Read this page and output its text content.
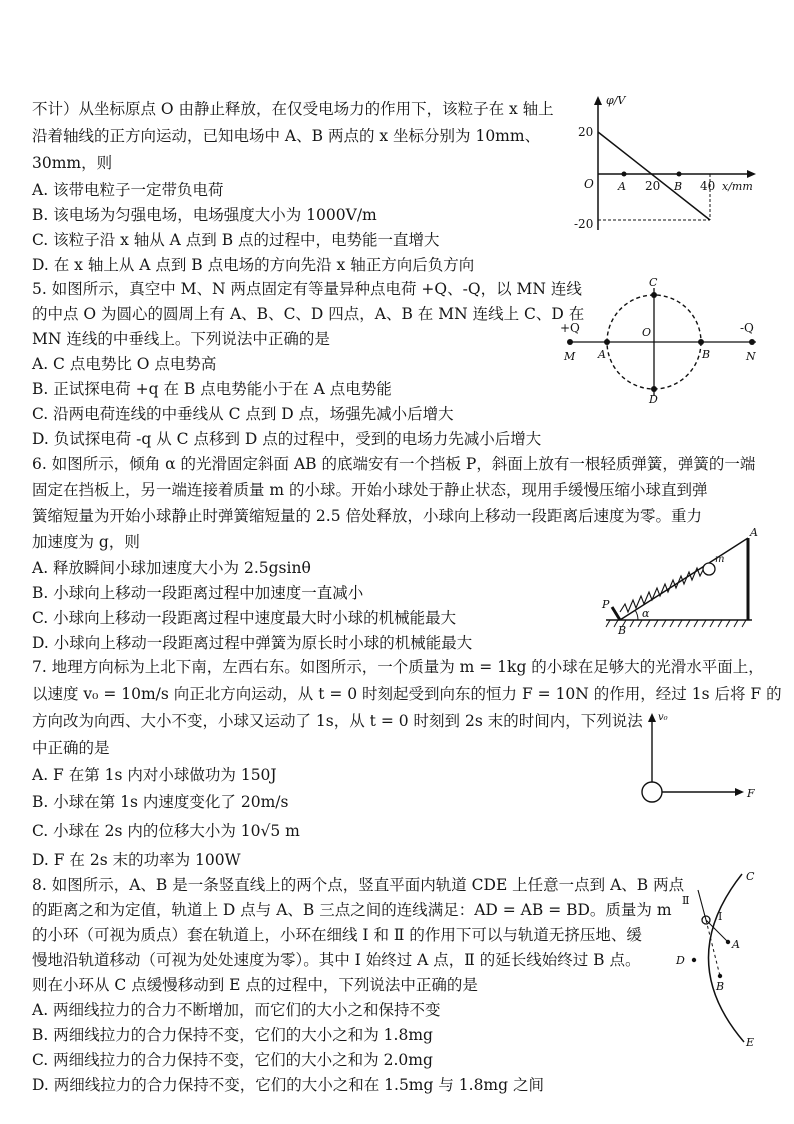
不计）从坐标原点 O 由静止释放，在仅受电场力的作用下，该粒子在 x 轴上
沿着轴线的正方向运动，已知电场中 A、B 两点的 x 坐标分别为 10mm、
30mm，则
A. 该带电粒子一定带负电荷
B. 该电场为匀强电场，电场强度大小为 1000V/m
C. 该粒子沿 x 轴从 A 点到 B 点的过程中，电势能一直增大
D. 在 x 轴上从 A 点到 B 点电场的方向先沿 x 轴正方向后负方向
φ/V
x/mm
O
20
-20
20	40
A	B
5. 如图所示，真空中 M、N 两点固定有等量异种点电荷 +Q、-Q，以 MN 连线
的中点 O 为圆心的圆周上有 A、B、C、D 四点，A、B 在 MN 连线上 C、D 在
MN 连线的中垂线上。下列说法中正确的是
A. C 点电势比 O 点电势高
B. 正试探电荷 +q 在 B 点电势能小于在 A 点电势能
C. 沿两电荷连线的中垂线从 C 点到 D 点，场强先减小后增大
D. 负试探电荷 -q 从 C 点移到 D 点的过程中，受到的电场力先减小后增大
+Q	-Q
M	N
A	B
C
D
O
6. 如图所示，倾角 α 的光滑固定斜面 AB 的底端安有一个挡板 P，斜面上放有一根轻质弹簧，弹簧的一端
固定在挡板上，另一端连接着质量 m 的小球。开始小球处于静止状态，现用手缓慢压缩小球直到弹
簧缩短量为开始小球静止时弹簧缩短量的 2.5 倍处释放，小球向上移动一段距离后速度为零。重力
加速度为 g，则
A. 释放瞬间小球加速度大小为 2.5gsinθ
B. 小球向上移动一段距离过程中加速度一直减小
C. 小球向上移动一段距离过程中速度最大时小球的机械能最大
D. 小球向上移动一段距离过程中弹簧为原长时小球的机械能最大
α
A
B
P
m
7. 地理方向标为上北下南，左西右东。如图所示，一个质量为 m = 1kg 的小球在足够大的光滑水平面上，
以速度 v₀ = 10m/s 向正北方向运动，从 t = 0 时刻起受到向东的恒力 F = 10N 的作用，经过 1s 后将 F 的
方向改为向西、大小不变，小球又运动了 1s，从 t = 0 时刻到 2s 末的时间内，下列说法
中正确的是
A. F 在第 1s 内对小球做功为 150J
B. 小球在第 1s 内速度变化了 20m/s
C. 小球在 2s 内的位移大小为 10√5 m
D. F 在 2s 末的功率为 100W
v₀
F
8. 如图所示，A、B 是一条竖直线上的两个点，竖直平面内轨道 CDE 上任意一点到 A、B 两点
的距离之和为定值，轨道上 D 点与 A、B 三点之间的连线满足：AD = AB = BD。质量为 m
的小环（可视为质点）套在轨道上，小环在细线 Ⅰ 和 Ⅱ 的作用下可以与轨道无挤压地、缓
慢地沿轨道移动（可视为处处速度为零）。其中 Ⅰ 始终过 A 点，Ⅱ 的延长线始终过 B 点。
则在小环从 C 点缓慢移动到 E 点的过程中，下列说法中正确的是
A. 两细线拉力的合力不断增加，而它们的大小之和保持不变
B. 两细线拉力的合力保持不变，它们的大小之和为 1.8mg
C. 两细线拉力的合力保持不变，它们的大小之和为 2.0mg
D. 两细线拉力的合力保持不变，它们的大小之和在 1.5mg 与 1.8mg 之间
C
D
E
A
B
Ⅰ
Ⅱ
